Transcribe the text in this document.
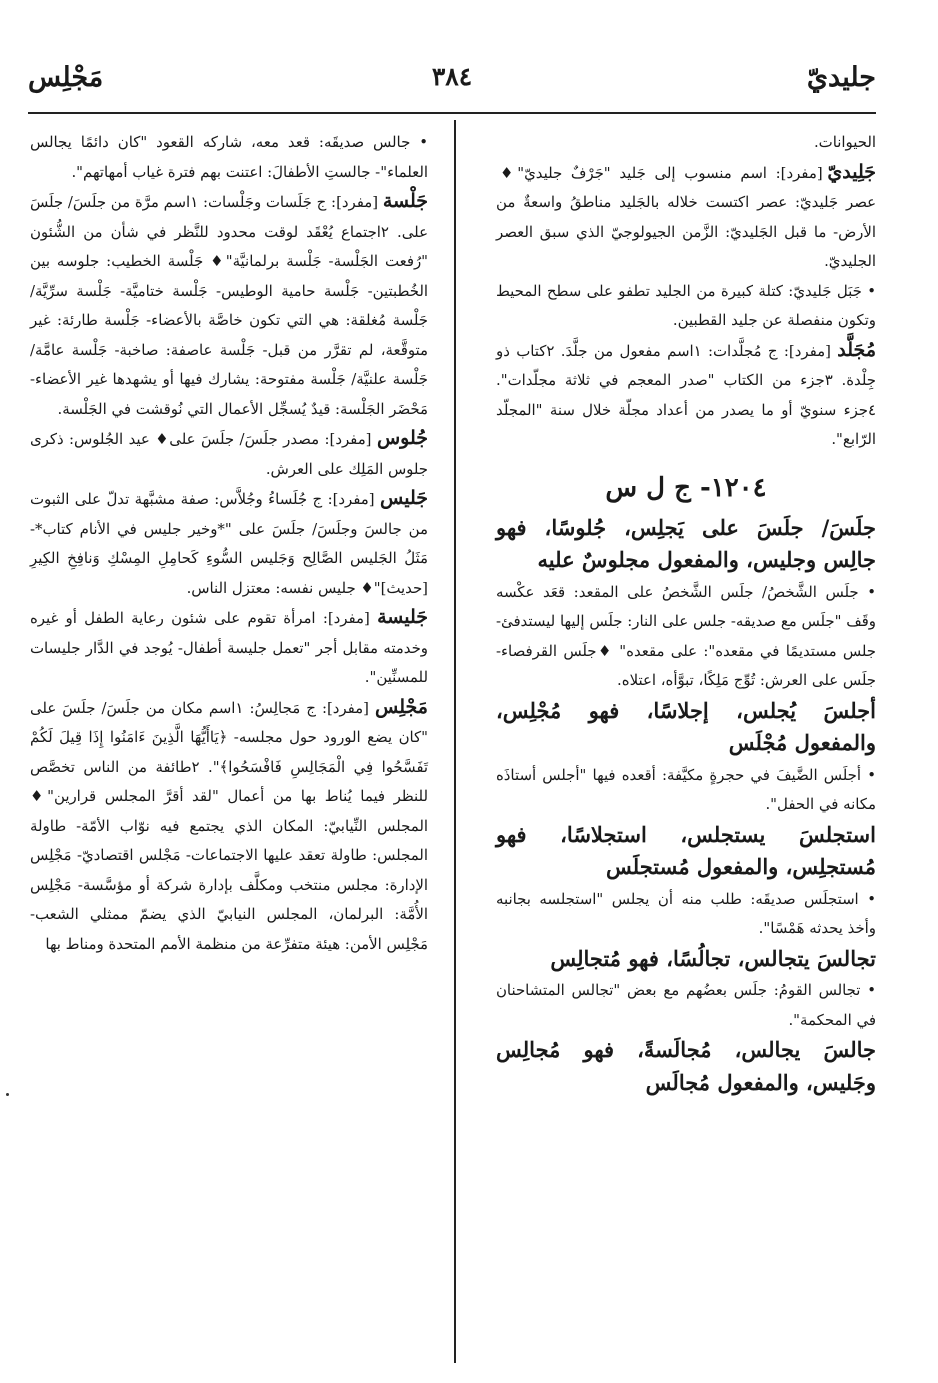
جليديّ
٣٨٤
مَجْلِس

الحيوانات.

جَلِيديّ [مفرد]: اسم منسوب إلى جَليد "جَرْفٌ جليديّ"♦ عصر جَليديّ: عصر اكتست خلاله بالجَليد مناطقُ واسعةٌ من الأرض- ما قبل الجَليديّ: الزَّمن الجيولوجيّ الذي سبق العصر الجليديّ.

• جَبَل جَليديّ: كتلة كبيرة من الجليد تطفو على سطح المحيط وتكون منفصلة عن جليد القطبين.

مُجَلَّد [مفرد]: ج مُجلَّدات: ١اسم مفعول من جلَّدَ. ٢كتاب ذو جِلْدة. ٣جزء من الكتاب "صدر المعجم في ثلاثة مجلّدات". ٤جزء سنويّ أو ما يصدر من أعداد مجلّة خلال سنة "المجلّد الرّابع".

١٢٠٤- ج ل س

جلَسَ/ جلَسَ على يَجلِس، جُلوسًا، فهو جالِس وجليس، والمفعول مجلوسٌ عليه

• جلَس الشَّخصُ/ جلَس الشَّخصُ على المقعد: قعَد عكْسه وقَف "جلَس مع صديقه- جلس على النار: جلَس إليها ليستدفئ- جلس مستديمًا في مقعده": على مقعده" ♦جلَس القرفصاء- جلَس على العرش: تُوِّج مَلِكًا، تبوَّأه، اعتلاه.

أجلسَ يُجلس، إجلاسًا، فهو مُجْلِس، والمفعول مُجْلَس

• أجلَس الضَّيفَ في حجرةٍ مكيَّفة: أقعده فيها "أجلس أستاذَه مكانه في الحفل".

استجلسَ يستجلس، استجلاسًا، فهو مُستجلِس، والمفعول مُستجلَس

• استجلَس صديقَه: طلب منه أن يجلس "استجلسه بجانبه وأخذ يحدثه هَمْسًا".

تجالسَ يتجالس، تجالُسًا، فهو مُتجالِس

• تجالس القومُ: جلَس بعضُهم مع بعض "تجالس المتشاحنان في المحكمة".

جالسَ يجالس، مُجالَسةً، فهو مُجالِس وجَليس، والمفعول مُجالَس

• جالس صديقَه: قعد معه، شاركه القعود "كان دائمًا يجالس العلماء"- جالستِ الأطفالَ: اعتنت بهم فترة غياب أمهاتهم".

جَلْسة [مفرد]: ج جَلَسات وجَلْسات: ١اسم مرَّة من جلَسَ/ جلَسَ على. ٢اجتماع يُعْقَد لوقت محدود للنَّظر في شأن من الشُّئون "رُفعت الجَلْسة- جَلْسة برلمانيَّة"♦ جَلْسة الخطيب: جلوسه بين الخُطبتين- جَلْسة حامية الوطيس- جَلْسة ختاميَّة- جَلْسة سرِّيَّة/ جَلْسة مُغلقة: هي التي تكون خاصَّة بالأعضاء- جَلْسة طارئة: غير متوقَّعة، لم تقرَّر من قبل- جَلْسة عاصفة: صاخبة- جَلْسة عامَّة/ جَلْسة علنيَّة/ جَلْسة مفتوحة: يشارك فيها أو يشهدها غير الأعضاء- مَحْضَر الجَلْسة: قيدٌ يُسجِّل الأعمال التي نُوقشت في الجَلْسة.

جُلوس [مفرد]: مصدر جلَسَ/ جلَسَ على♦ عيد الجُلوس: ذكرى جلوس المَلِك على العرش.

جَليس [مفرد]: ج جُلَساءُ وجُلاَّس: صفة مشبَّهة تدلّ على الثبوت من جالسَ وجلَسَ/ جلَسَ على "*وخير جليس في الأنام كتاب*- مَثَلُ الجَليس الصَّالِح وَجَليس السُّوءِ كَحامِلِ المِسْكِ وَنافِخِ الكِيرِ [حديث]"♦ جليس نفسه: معتزل الناس.

جَليسة [مفرد]: امرأة تقوم على شئون رعاية الطفل أو غيره وخدمته مقابل أجر "تعمل جليسة أطفال- يُوجد في الدَّار جليسات للمسنِّين".

مَجْلِس [مفرد]: ج مَجالِسُ: ١اسم مكان من جلَسَ/ جلَسَ على "كان يضع الورود حول مجلسه- ﴿يَاأَيُّهَا الَّذِينَ ءَامَنُوا إِذَا قِيلَ لَكُمْ تَفَسَّحُوا فِي الْمَجَالِسِ فَافْسَحُوا﴾". ٢طائفة من الناس تخصَّص للنظر فيما يُناط بها من أعمال "لقد أقرَّ المجلس قرارين"♦ المجلس النِّيابيّ: المكان الذي يجتمع فيه نوّاب الأمّة- طاولة المجلس: طاولة تعقد عليها الاجتماعات- مَجْلس اقتصاديّ- مَجْلِس الإدارة: مجلس منتخب ومكلَّف بإدارة شركة أو مؤسَّسة- مَجْلِس الأُمَّة: البرلمان، المجلس النيابيّ الذي يضمّ ممثلي الشعب- مَجْلِس الأمن: هيئة متفرِّعة من منظمة الأمم المتحدة ومناط بها
